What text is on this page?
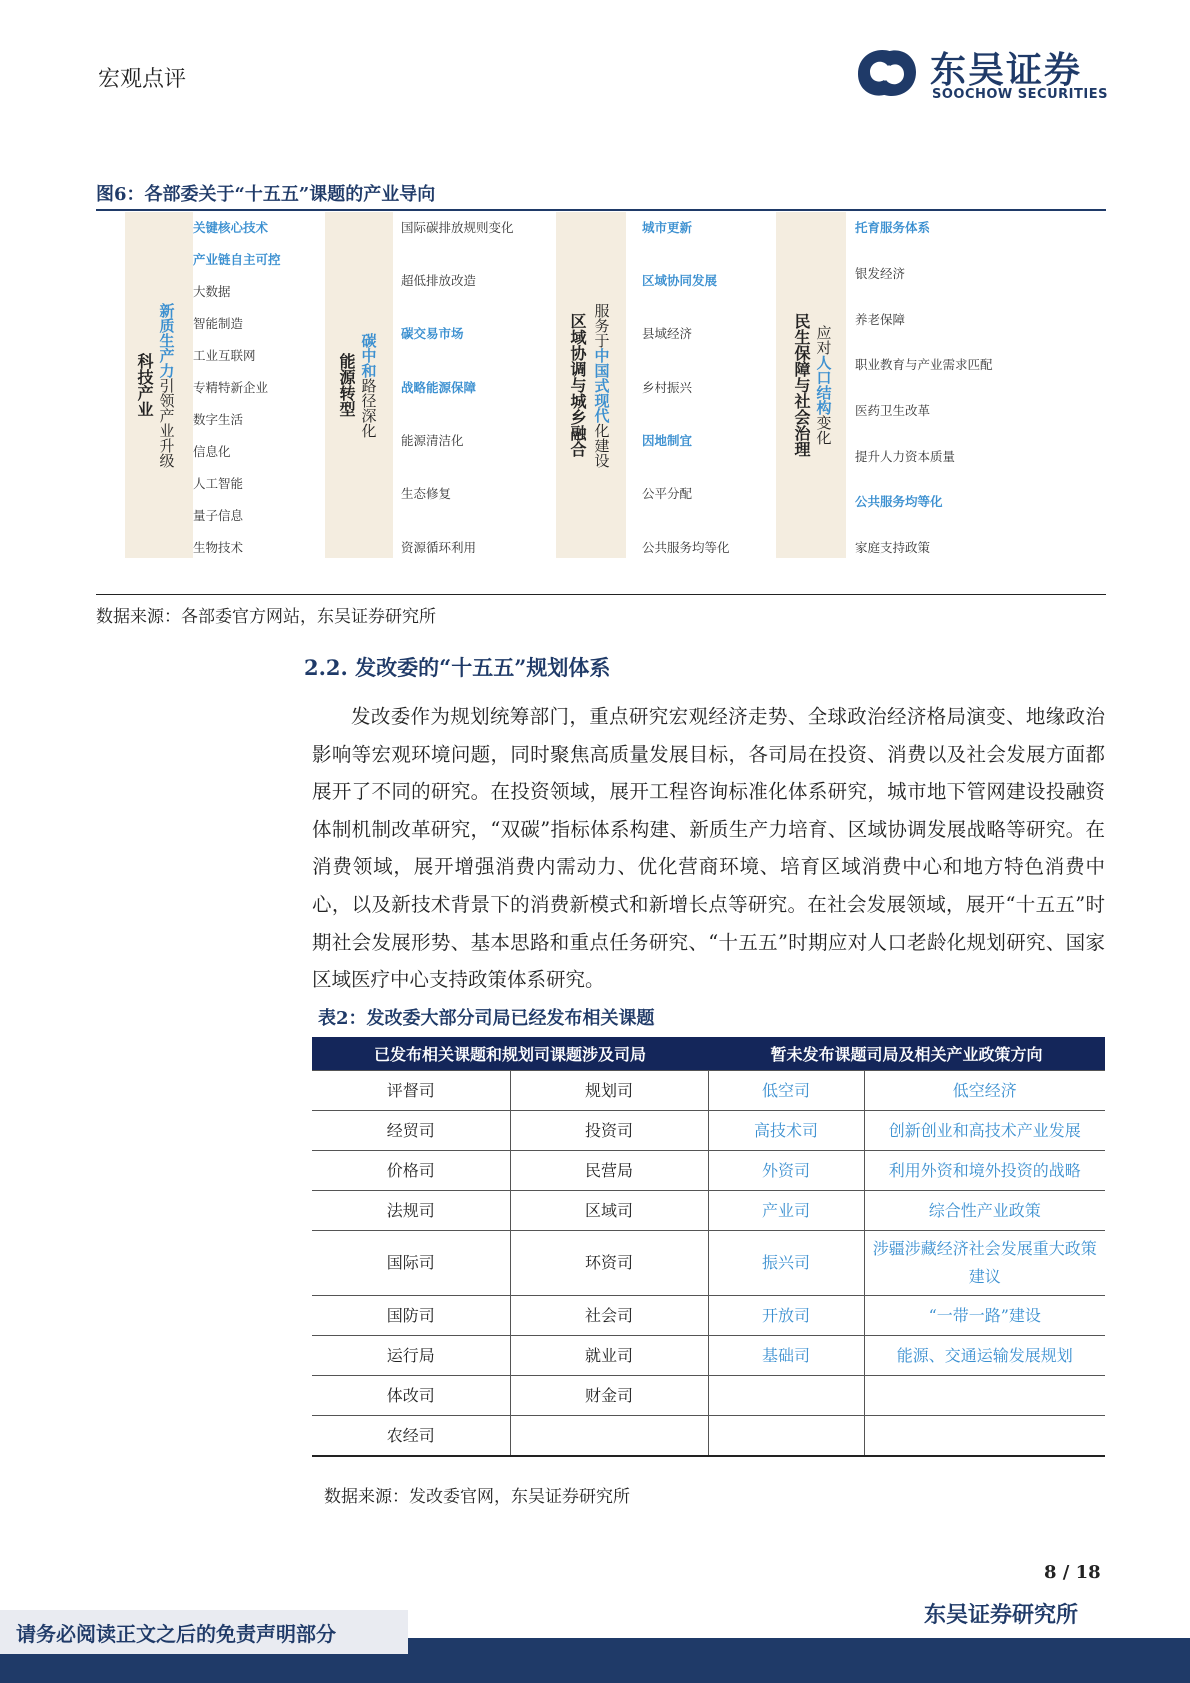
宏观点评	东吴证券
SOOCHOW SECURITIES
图6：各部委关于“十五五”课题的产业导向
科技产业
新质生产力
引领产业升级
关键核心技术
产业链自主可控
大数据
智能制造
工业互联网
专精特新企业
数字生活
信息化
人工智能
量子信息
生物技术
能源转型 碳中和
路径深化
国际碳排放规则变化
超低排放改造
碳交易市场
战略能源保障
能源清洁化
生态修复
资源循环利用
区域协调与城乡融合 服务于
中国式现代
化建设
城市更新
区域协同发展
县域经济
乡村振兴
因地制宜
公平分配
公共服务均等化
民生保障与社会治理 应对
人口结构
变化
托育服务体系
银发经济
养老保障
职业教育与产业需求匹配
医药卫生改革
提升人力资本质量
公共服务均等化
家庭支持政策
数据来源：各部委官方网站，东吴证券研究所
2.2. 发改委的“十五五”规划体系
发改委作为规划统筹部门，重点研究宏观经济走势、全球政治经济格局演变、地缘政治影响等宏观环境问题，同时聚焦高质量发展目标，各司局在投资、消费以及社会发展方面都展开了不同的研究。在投资领域，展开工程咨询标准化体系研究，城市地下管网建设投融资体制机制改革研究，“双碳”指标体系构建、新质生产力培育、区域协调发展战略等研究。在消费领域，展开增强消费内需动力、优化营商环境、培育区域消费中心和地方特色消费中心，以及新技术背景下的消费新模式和新增长点等研究。在社会发展领域，展开“十五五”时期社会发展形势、基本思路和重点任务研究、“十五五”时期应对人口老龄化规划研究、国家区域医疗中心支持政策体系研究。
表2：发改委大部分司局已经发布相关课题
已发布相关课题和规划司课题涉及司局		暂未发布课题司局及相关产业政策方向	
评督司	规划司	低空司	低空经济
经贸司	投资司	高技术司	创新创业和高技术产业发展
价格司	民营局	外资司	利用外资和境外投资的战略
法规司	区域司	产业司	综合性产业政策
国际司	环资司	振兴司	涉疆涉藏经济社会发展重大政策建议
国防司	社会司	开放司	“一带一路”建设
运行局	就业司	基础司	能源、交通运输发展规划
体改司	财金司		
农经司			
数据来源：发改委官网，东吴证券研究所
8 / 18
东吴证券研究所
请务必阅读正文之后的免责声明部分
